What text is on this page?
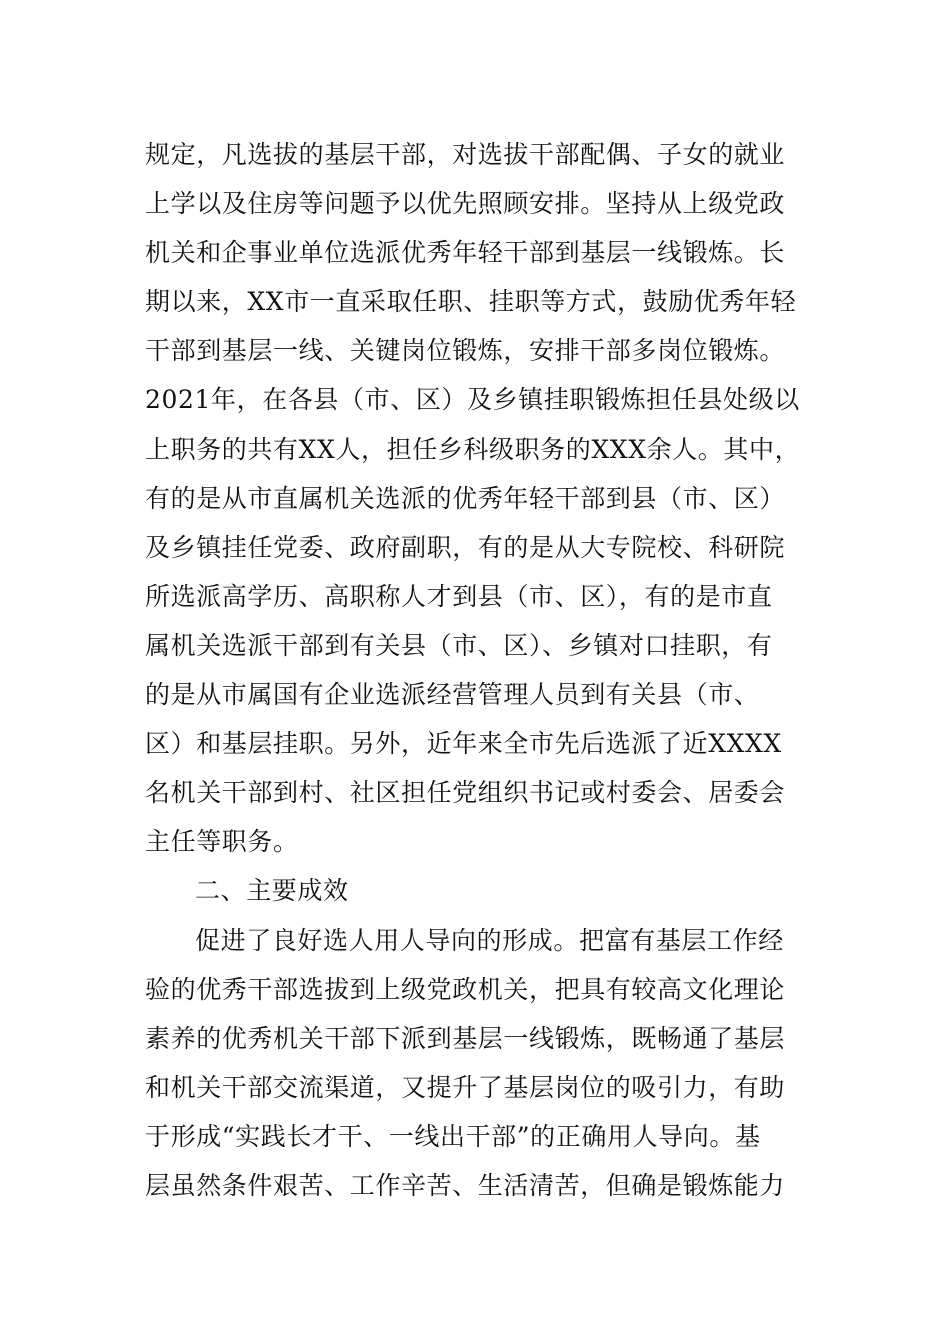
规定，凡选拔的基层干部，对选拔干部配偶、子女的就业
上学以及住房等问题予以优先照顾安排。坚持从上级党政
机关和企事业单位选派优秀年轻干部到基层一线锻炼。长
期以来，XX市一直采取任职、挂职等方式，鼓励优秀年轻
干部到基层一线、关键岗位锻炼，安排干部多岗位锻炼。
2021年，在各县（市、区）及乡镇挂职锻炼担任县处级以
上职务的共有XX人，担任乡科级职务的XXX余人。其中，
有的是从市直属机关选派的优秀年轻干部到县（市、区）
及乡镇挂任党委、政府副职，有的是从大专院校、科研院
所选派高学历、高职称人才到县（市、区），有的是市直
属机关选派干部到有关县（市、区）、乡镇对口挂职，有
的是从市属国有企业选派经营管理人员到有关县（市、
区）和基层挂职。另外，近年来全市先后选派了近XXXX
名机关干部到村、社区担任党组织书记或村委会、居委会
主任等职务。
二、主要成效
促进了良好选人用人导向的形成。把富有基层工作经
验的优秀干部选拔到上级党政机关，把具有较高文化理论
素养的优秀机关干部下派到基层一线锻炼，既畅通了基层
和机关干部交流渠道，又提升了基层岗位的吸引力，有助
于形成“实践长才干、一线出干部”的正确用人导向。基
层虽然条件艰苦、工作辛苦、生活清苦，但确是锻炼能力
